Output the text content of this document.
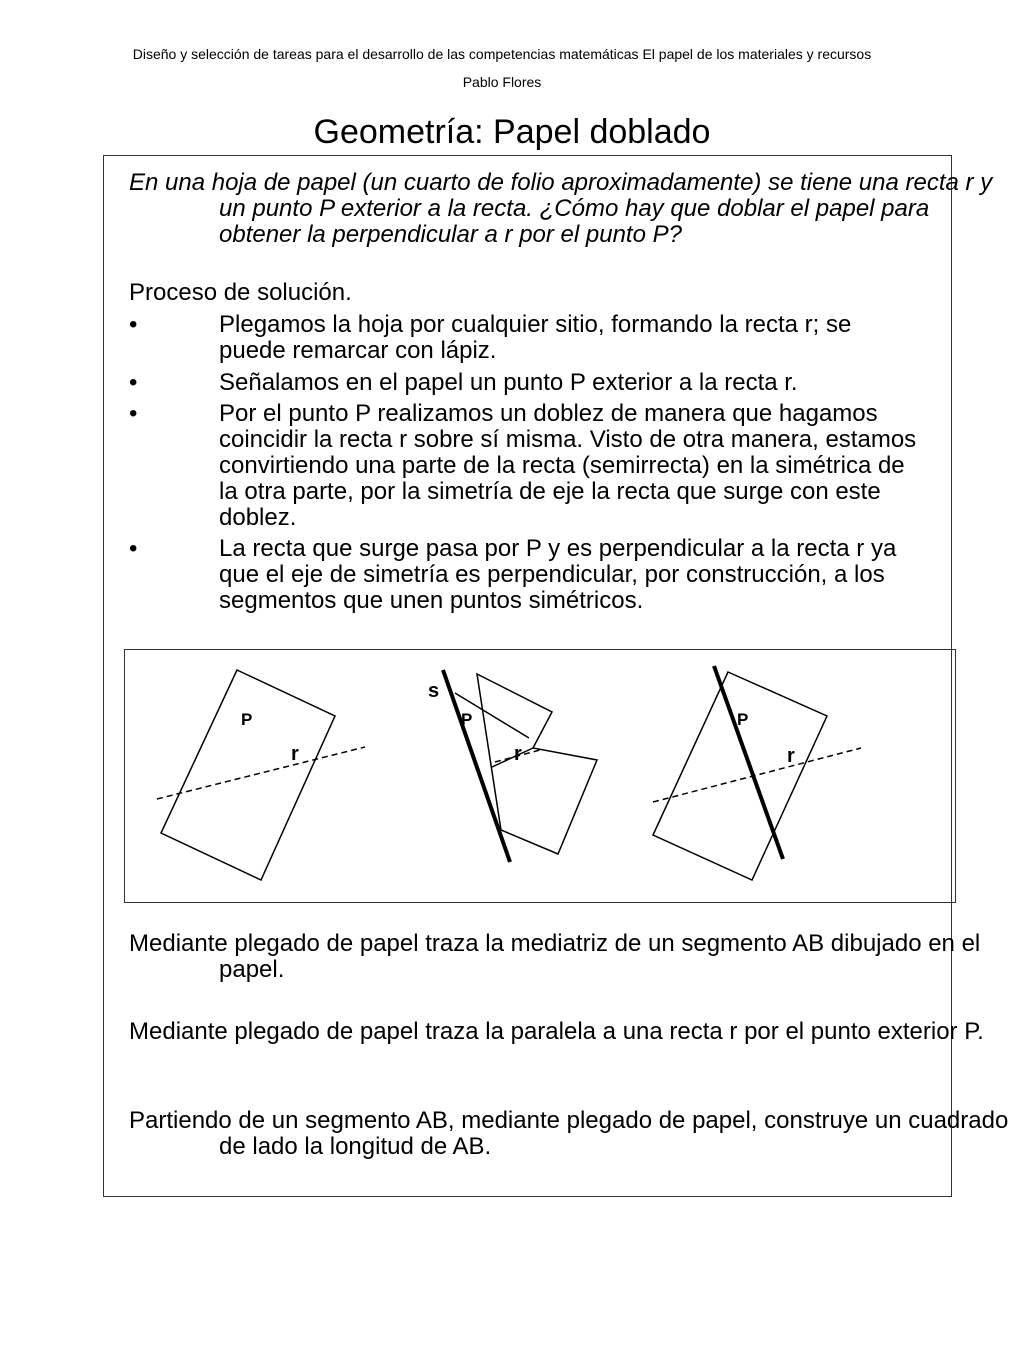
Diseño y selección de tareas para el desarrollo de las competencias matemáticas El papel de los materiales y recursos
Pablo Flores
Geometría: Papel doblado
En una hoja de papel (un cuarto de folio aproximadamente) se tiene una recta r y un punto P exterior a la recta. ¿Cómo hay que doblar el papel para obtener la perpendicular a r por el punto P?
Proceso de solución.
•	Plegamos la hoja por cualquier sitio, formando la recta r; se puede remarcar con lápiz.
•	Señalamos en el papel un punto P exterior a la recta r.
•	Por el punto P realizamos un doblez de manera que hagamos coincidir la recta r sobre sí misma. Visto de otra manera, estamos convirtiendo una parte de la recta (semirrecta) en la simétrica de la otra parte, por la simetría de eje la recta que surge con este doblez.
•	La recta que surge pasa por P y es perpendicular a la recta r ya que el eje de simetría es perpendicular, por construcción, a los segmentos que unen puntos simétricos.
P
r
s
P
r
P
r
Mediante plegado de papel traza la mediatriz de un segmento AB dibujado en el papel.
Mediante plegado de papel traza la paralela a una recta r por el punto exterior P.
Partiendo de un segmento AB, mediante plegado de papel, construye un cuadrado de lado la longitud de AB.
